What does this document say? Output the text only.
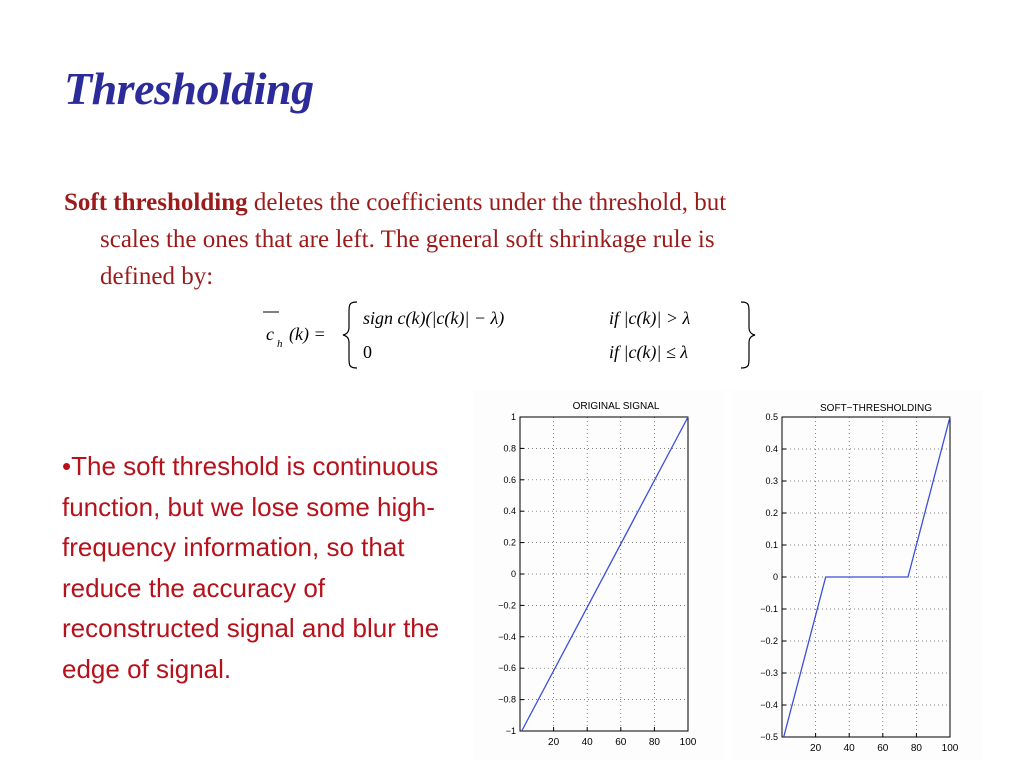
Thresholding
Soft thresholding deletes the coefficients under the threshold, but
scales the ones that are left. The general soft shrinkage rule is
defined by:
c h (k) =
sign c(k)(|c(k)| − λ)	if |c(k)| > λ
0	if |c(k)| ≤ λ
•The soft threshold is continuous function, but we lose some high-frequency information, so that reduce the accuracy of reconstructed signal and blur the edge of signal.
ORIGINAL SIGNAL
20 40 60 80 100
1
0.8
0.6
0.4
0.2
0
−0.2
−0.4
−0.6
−0.8
−1
SOFT−THRESHOLDING
20 40 60 80 100
0.5
0.4
0.3
0.2
0.1
0
−0.1
−0.2
−0.3
−0.4
−0.5
